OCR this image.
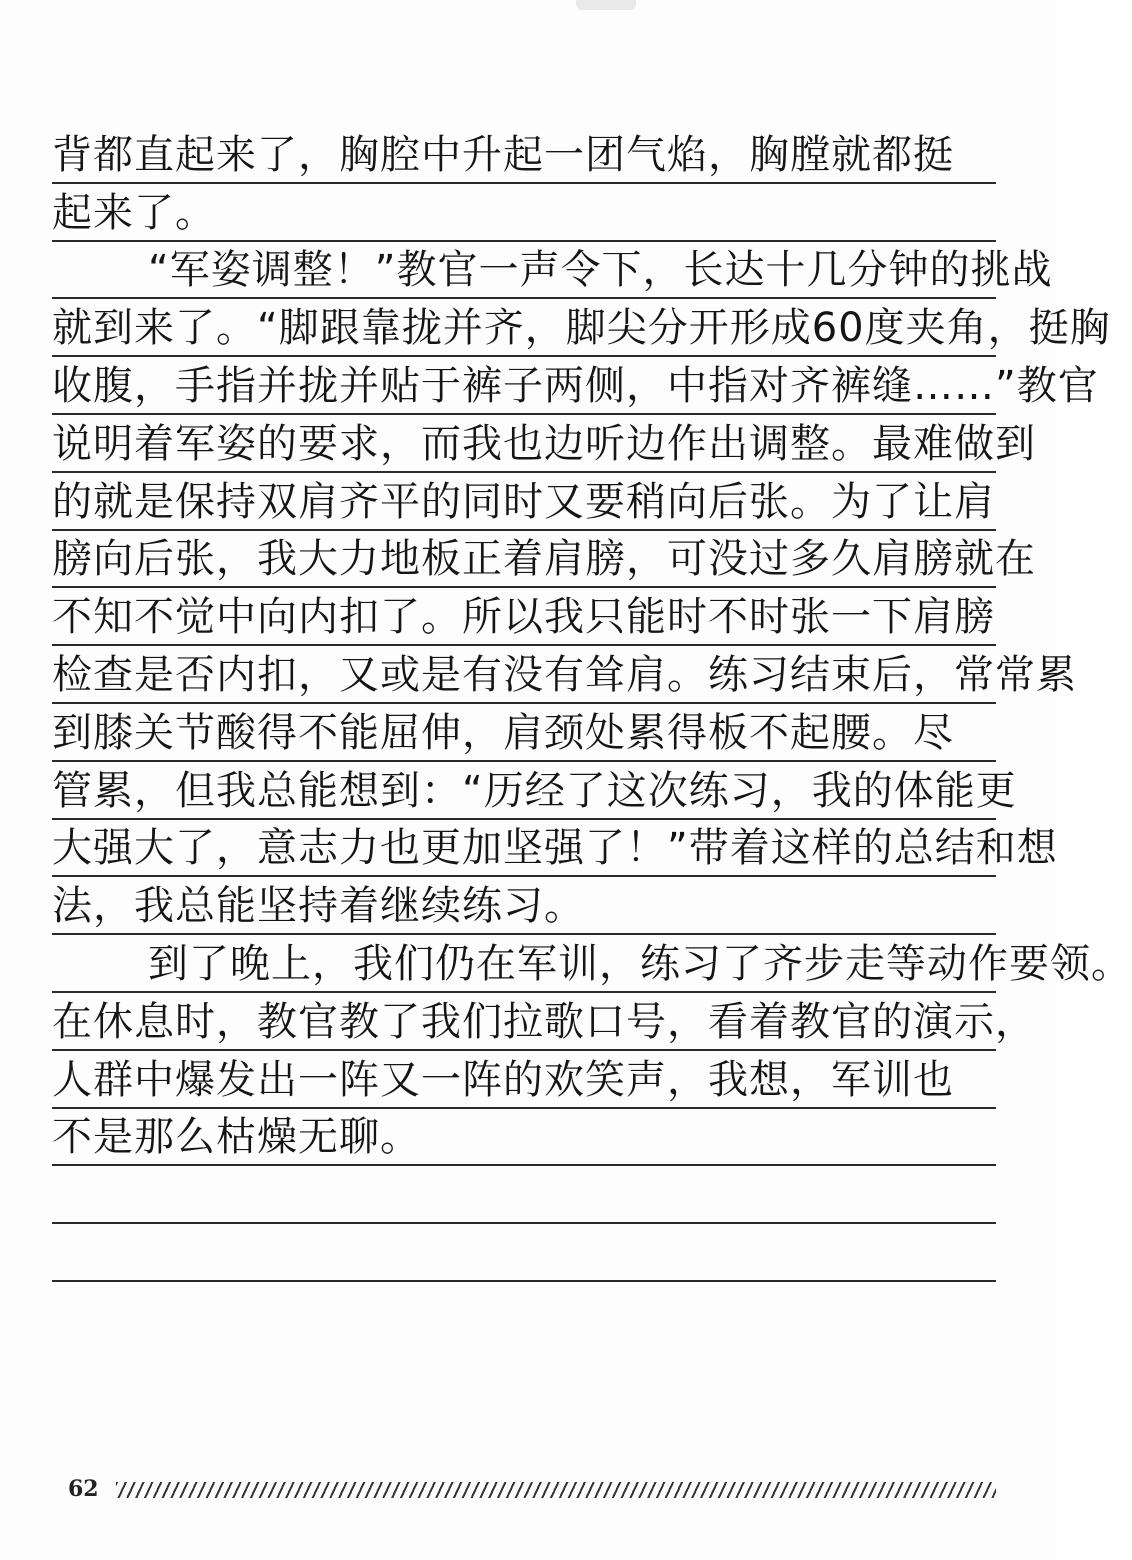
背都直起来了，胸腔中升起一团气焰，胸膛就都挺
起来了。
“军姿调整！”教官一声令下，长达十几分钟的挑战
就到来了。“脚跟靠拢并齐，脚尖分开形成60度夹角，挺胸
收腹，手指并拢并贴于裤子两侧，中指对齐裤缝……”教官
说明着军姿的要求，而我也边听边作出调整。最难做到
的就是保持双肩齐平的同时又要稍向后张。为了让肩
膀向后张，我大力地板正着肩膀，可没过多久肩膀就在
不知不觉中向内扣了。所以我只能时不时张一下肩膀
检查是否内扣，又或是有没有耸肩。练习结束后，常常累
到膝关节酸得不能屈伸，肩颈处累得板不起腰。尽
管累，但我总能想到：“历经了这次练习，我的体能更
大强大了，意志力也更加坚强了！”带着这样的总结和想
法，我总能坚持着继续练习。
到了晚上，我们仍在军训，练习了齐步走等动作要领。
在休息时，教官教了我们拉歌口号，看着教官的演示，
人群中爆发出一阵又一阵的欢笑声，我想，军训也
不是那么枯燥无聊。
62
